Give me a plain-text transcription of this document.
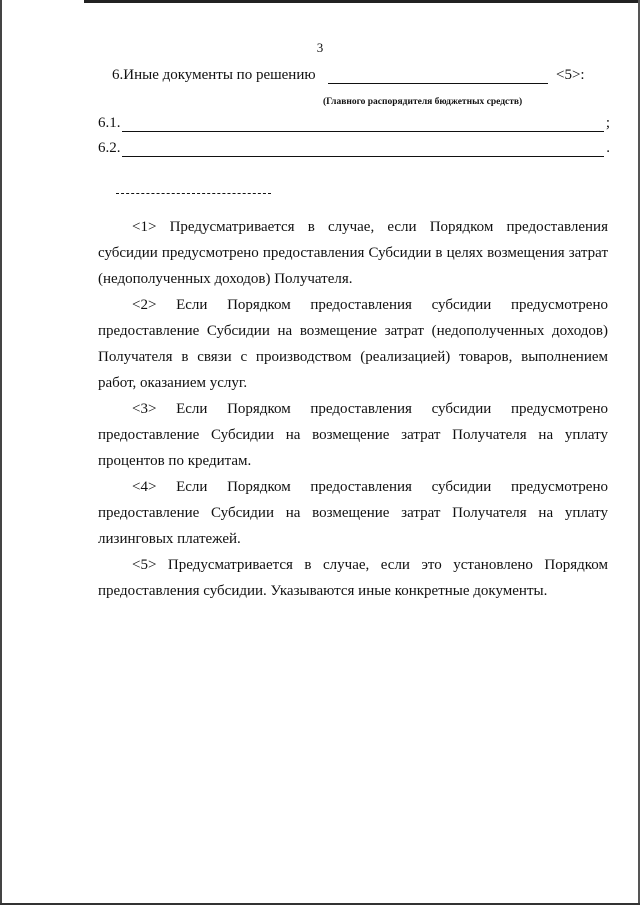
3
6.Иные документы по решению	<5>:
(Главного распорядителя бюджетных средств)
6.1.	;
6.2.	.

<1> Предусматривается в случае, если Порядком предоставления субсидии предусмотрено предоставления Субсидии в целях возмещения затрат (недополученных доходов) Получателя.

<2> Если Порядком предоставления субсидии предусмотрено предоставление Субсидии на возмещение затрат (недополученных доходов) Получателя в связи с производством (реализацией) товаров, выполнением работ, оказанием услуг.

<3> Если Порядком предоставления субсидии предусмотрено предоставление Субсидии на возмещение затрат Получателя на уплату процентов по кредитам.

<4> Если Порядком предоставления субсидии предусмотрено предоставление Субсидии на возмещение затрат Получателя на уплату лизинговых платежей.

<5> Предусматривается в случае, если это установлено Порядком предоставления субсидии. Указываются иные конкретные документы.
